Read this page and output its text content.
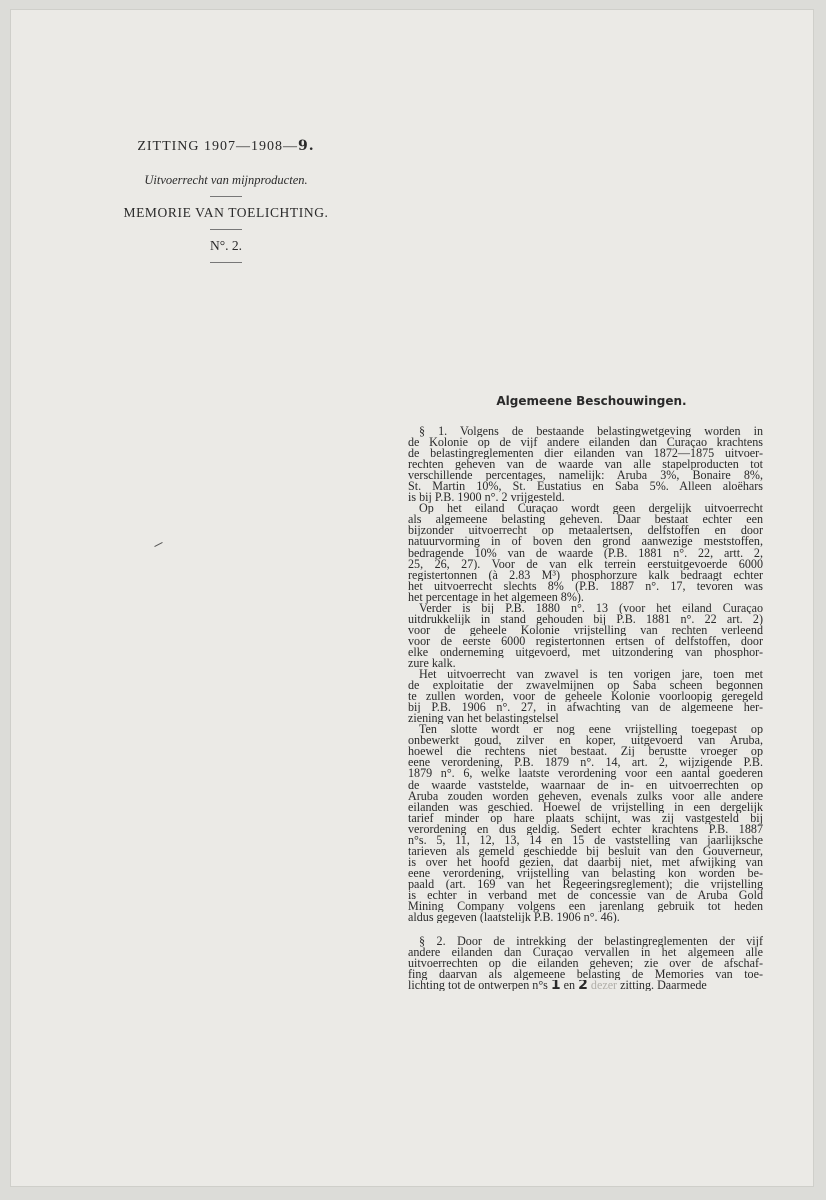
ZITTING 1907—1908—9.

Uitvoerrecht van mijnproducten.

MEMORIE VAN TOELICHTING.

N°. 2.

Algemeene Beschouwingen.

§ 1. Volgens de bestaande belastingwetgeving worden in
de Kolonie op de vijf andere eilanden dan Curaçao krachtens
de belastingreglementen dier eilanden van 1872—1875 uitvoer-
rechten geheven van de waarde van alle stapelproducten tot
verschillende percentages, namelijk: Aruba 3%, Bonaire 8%,
St. Martin 10%, St. Eustatius en Saba 5%. Alleen aloëhars
is bij P.B. 1900 n°. 2 vrijgesteld.
Op het eiland Curaçao wordt geen dergelijk uitvoerrecht
als algemeene belasting geheven. Daar bestaat echter een
bijzonder uitvoerrecht op metaalertsen, delfstoffen en door
natuurvorming in of boven den grond aanwezige meststoffen,
bedragende 10% van de waarde (P.B. 1881 n°. 22, artt. 2,
25, 26, 27). Voor de van elk terrein eerstuitgevoerde 6000
registertonnen (à 2.83 M³) phosphorzure kalk bedraagt echter
het uitvoerrecht slechts 8% (P.B. 1887 n°. 17, tevoren was
het percentage in het algemeen 8%).
Verder is bij P.B. 1880 n°. 13 (voor het eiland Curaçao
uitdrukkelijk in stand gehouden bij P.B. 1881 n°. 22 art. 2)
voor de geheele Kolonie vrijstelling van rechten verleend
voor de eerste 6000 registertonnen ertsen of delfstoffen, door
elke onderneming uitgevoerd, met uitzondering van phosphor-
zure kalk.
Het uitvoerrecht van zwavel is ten vorigen jare, toen met
de exploitatie der zwavelmijnen op Saba scheen begonnen
te zullen worden, voor de geheele Kolonie voorloopig geregeld
bij P.B. 1906 n°. 27, in afwachting van de algemeene her-
ziening van het belastingstelsel
Ten slotte wordt er nog eene vrijstelling toegepast op
onbewerkt goud, zilver en koper, uitgevoerd van Aruba,
hoewel die rechtens niet bestaat. Zij berustte vroeger op
eene verordening, P.B. 1879 n°. 14, art. 2, wijzigende P.B.
1879 n°. 6, welke laatste verordening voor een aantal goederen
de waarde vaststelde, waarnaar de in- en uitvoerrechten op
Aruba zouden worden geheven, evenals zulks voor alle andere
eilanden was geschied. Hoewel de vrijstelling in een dergelijk
tarief minder op hare plaats schijnt, was zij vastgesteld bij
verordening en dus geldig. Sedert echter krachtens P.B. 1887
n°s. 5, 11, 12, 13, 14 en 15 de vaststelling van jaarlijksche
tarieven als gemeld geschiedde bij besluit van den Gouverneur,
is over het hoofd gezien, dat daarbij niet, met afwijking van
eene verordening, vrijstelling van belasting kon worden be-
paald (art. 169 van het Regeeringsreglement); die vrijstelling
is echter in verband met de concessie van de Aruba Gold
Mining Company volgens een jarenlang gebruik tot heden
aldus gegeven (laatstelijk P.B. 1906 n°. 46).
§ 2. Door de intrekking der belastingreglementen der vijf
andere eilanden dan Curaçao vervallen in het algemeen alle
uitvoerrechten op die eilanden geheven; zie over de afschaf-
fing daarvan als algemeene belasting de Memories van toe-
lichting tot de ontwerpen n°s 1 en 2 dezer zitting. Daarmede
